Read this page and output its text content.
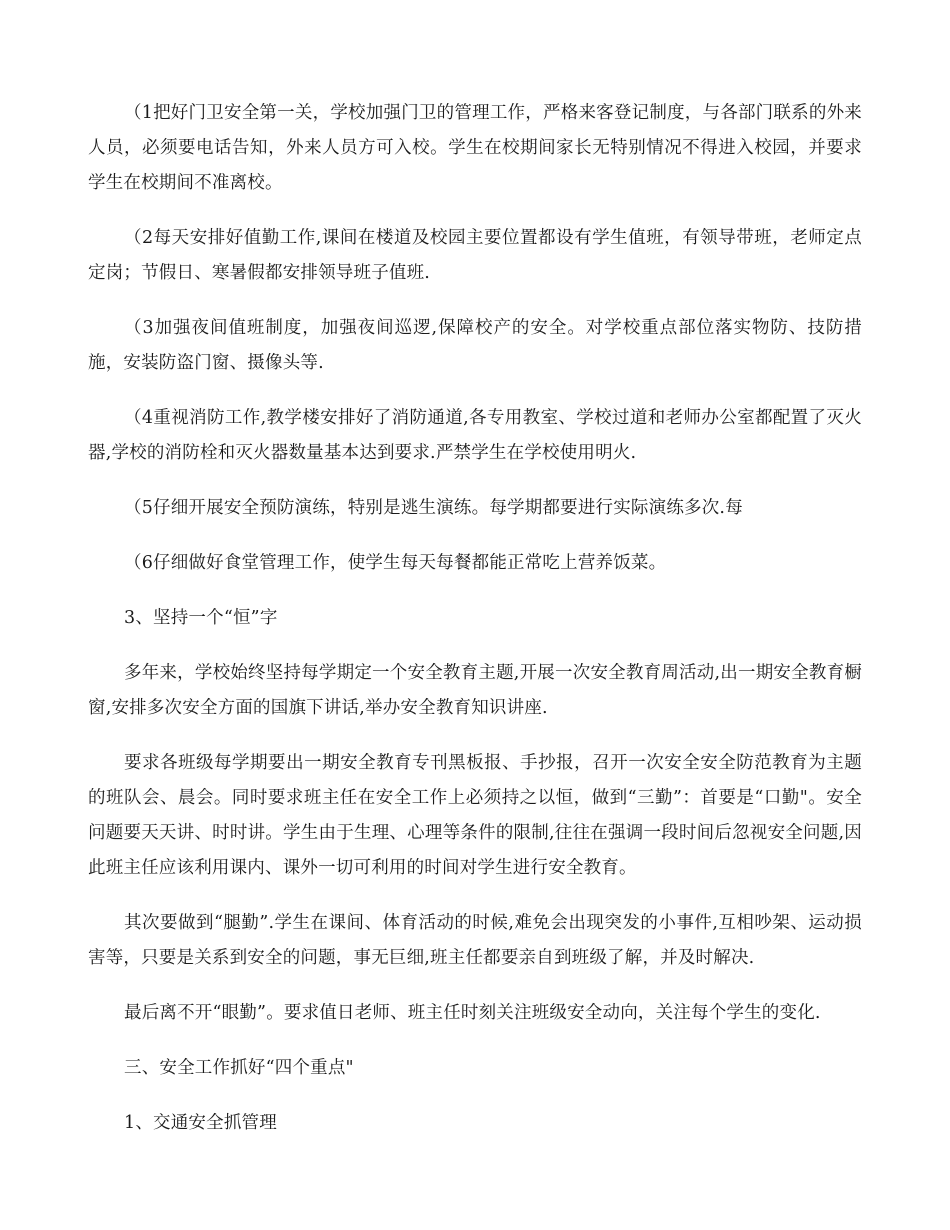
（1把好门卫安全第一关，学校加强门卫的管理工作，严格来客登记制度，与各部门联系的外来人员，必须要电话告知，外来人员方可入校。学生在校期间家长无特别情况不得进入校园，并要求学生在校期间不准离校。

（2每天安排好值勤工作,课间在楼道及校园主要位置都设有学生值班，有领导带班，老师定点定岗；节假日、寒暑假都安排领导班子值班.

（3加强夜间值班制度，加强夜间巡逻,保障校产的安全。对学校重点部位落实物防、技防措施，安装防盗门窗、摄像头等.

（4重视消防工作,教学楼安排好了消防通道,各专用教室、学校过道和老师办公室都配置了灭火器,学校的消防栓和灭火器数量基本达到要求.严禁学生在学校使用明火.

（5仔细开展安全预防演练，特别是逃生演练。每学期都要进行实际演练多次.每

（6仔细做好食堂管理工作，使学生每天每餐都能正常吃上营养饭菜。

3、坚持一个“恒”字

多年来，学校始终坚持每学期定一个安全教育主题,开展一次安全教育周活动,出一期安全教育橱窗,安排多次安全方面的国旗下讲话,举办安全教育知识讲座.

要求各班级每学期要出一期安全教育专刊黑板报、手抄报，召开一次安全安全防范教育为主题的班队会、晨会。同时要求班主任在安全工作上必须持之以恒，做到“三勤”：首要是“口勤"。安全问题要天天讲、时时讲。学生由于生理、心理等条件的限制,往往在强调一段时间后忽视安全问题,因此班主任应该利用课内、课外一切可利用的时间对学生进行安全教育。

其次要做到“腿勤”.学生在课间、体育活动的时候,难免会出现突发的小事件,互相吵架、运动损害等，只要是关系到安全的问题，事无巨细,班主任都要亲自到班级了解，并及时解决.

最后离不开“眼勤”。要求值日老师、班主任时刻关注班级安全动向，关注每个学生的变化.

三、安全工作抓好“四个重点"

1、交通安全抓管理
